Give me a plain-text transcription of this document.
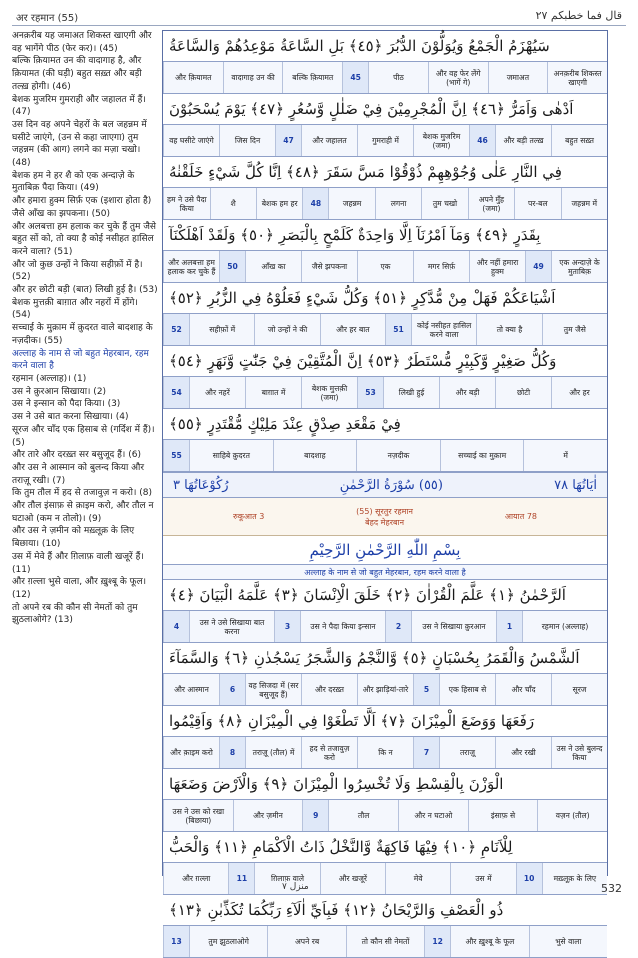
अर रहमान (55)	قال فما خطبكم ٢٧

अनक़रीब यह जमाअत शिकस्त खाएगी और वह भागेंगे पीठ (फेर कर)। (45)

बल्कि क़ियामत उन की वादागाह है, और क़ियामत (की घड़ी) बहुत सख़्त और बड़ी तल्ख़ होगी। (46)

बेशक मुजरिम गुमराही और जहालत में हैं। (47)

उस दिन वह अपने चेहरों के बल जहन्नम में घसीटे जाएंगे, (उन से कहा जाएगा) तुम जहन्नम (की आग) लगने का मज़ा चखो। (48)

बेशक हम ने हर शै को एक अन्दाज़े के मुताबिक़ पैदा किया। (49)

और हमारा हुक्म सिर्फ़ एक (इशारा होता है) जैसे आँख का झपकना। (50)

और अलबत्ता हम हलाक कर चुके हैं तुम जैसे बहुत सों को, तो क्या है कोई नसीहत हासिल करने वाला? (51)

और जो कुछ उन्हों ने किया सहीफ़ों में है। (52)

और हर छोटी बड़ी (बात) लिखी हुई है। (53)

बेशक मुत्तक़ी बाग़ात और नहरों में होंगे। (54)

सच्चाई के मुक़ाम में क़ुदरत वाले बादशाह के नज़दीक। (55)

अल्लाह के नाम से जो बहुत मेहरबान, रहम करने वाला है

रहमान (अल्लाह)। (1)

उस ने क़ुरआन सिखाया। (2)

उस ने इन्सान को पैदा किया। (3)

उस ने उसे बात करना सिखाया। (4)

सूरज और चाँद एक हिसाब से (गर्दिश में हैं)। (5)

और तारे और दरख़्त सर बसुजूद हैं। (6)

और उस ने आस्मान को बुलन्द किया और तराज़ू रखी। (7)

कि तुम तौल में हद से तजावुज़ न करो। (8)

और तौल इंसाफ़ से क़ाइम करो, और तौल न घटाओ (कम न तोलो)। (9)

और उस ने ज़मीन को मख़्लूक़ के लिए बिछाया। (10)

उस में मेवे हैं और ग़िलाफ़ वाली खजूरें हैं। (11)

और ग़ल्ला भुसे वाला, और ख़ुश्बू के फूल। (12)

तो अपने रब की कौन सी नेमतों को तुम झुठलाओगे? (13)

سَيُهْزَمُ الْجَمْعُ وَيُوَلُّوْنَ الدُّبُرَ ﴿٤٥﴾ بَلِ السَّاعَةُ مَوْعِدُهُمْ وَالسَّاعَةُ
अनक़रीब शिकस्त खाएगी
जमाअत
और वह फेर लेंगे (भागें गे)
पीठ
45
बल्कि क़ियामत
वादागाह उन की
और क़ियामत
اَدْهٰى وَاَمَرُّ ﴿٤٦﴾ اِنَّ الْمُجْرِمِيْنَ فِيْ ضَلٰلٍ وَّسُعُرٍ ﴿٤٧﴾ يَوْمَ يُسْحَبُوْنَ
बहुत सख़्त
और बड़ी तल्ख़
46
बेशक मुजरिम (जमा)
गुमराही में
और जहालत
47
जिस दिन
वह घसीटे जाएंगे
فِي النَّارِ عَلٰى وُجُوْهِهِمْ ذُوْقُوْا مَسَّ سَقَرَ ﴿٤٨﴾ اِنَّا كُلَّ شَيْءٍ خَلَقْنٰهُ
जहन्नम में
पर-बल
अपने मुँह (जमा)
तुम चखो
लगना
जहन्नम
48
बेशक हम हर
शै
हम ने उसे पैदा किया
بِقَدَرٍ ﴿٤٩﴾ وَمَآ اَمْرُنَآ اِلَّا وَاحِدَةٌ كَلَمْحٍ بِالْبَصَرِ ﴿٥٠﴾ وَلَقَدْ اَهْلَكْنَآ
एक अन्दाज़े के मुताबिक़
49
और नहीं हमारा हुक्म
मगर सिर्फ़
एक
जैसे झपकना
आँख का
50
और अलबत्ता हम हलाक कर चुके हैं
اَشْيَاعَكُمْ فَهَلْ مِنْ مُّدَّكِرٍ ﴿٥١﴾ وَكُلُّ شَيْءٍ فَعَلُوْهُ فِي الزُّبُرِ ﴿٥٢﴾
तुम जैसे
तो क्या है
कोई नसीहत हासिल करने वाला
51
और हर बात
जो उन्हों ने की
सहीफ़ों में
52
وَكُلُّ صَغِيْرٍ وَّكَبِيْرٍ مُّسْتَطَرٌ ﴿٥٣﴾ اِنَّ الْمُتَّقِيْنَ فِيْ جَنّٰتٍ وَّنَهَرٍ ﴿٥٤﴾
और हर
छोटी
और बड़ी
लिखी हुई
53
बेशक मुत्तक़ी (जमा)
बाग़ात में
और नहरें
54
فِيْ مَقْعَدِ صِدْقٍ عِنْدَ مَلِيْكٍ مُّقْتَدِرٍ ﴿٥٥﴾
में
सच्चाई का मुक़ाम
नज़दीक
बादशाह
साहिबे क़ुदरत
55
اٰيَاتُهَا ٧٨
(٥٥) سُوْرَةُ الرَّحْمٰنِ
رُكُوْعَاتُهَا ٣
रुकूआत 3
(55) सूरतुर रहमान
बेहद मेहरबान
आयात 78
بِسْمِ اللّٰهِ الرَّحْمٰنِ الرَّحِيْمِ
अल्लाह के नाम से जो बहुत मेहरबान, रहम करने वाला है
اَلرَّحْمٰنُ ﴿١﴾ عَلَّمَ الْقُرْاٰنَ ﴿٢﴾ خَلَقَ الْاِنْسَانَ ﴿٣﴾ عَلَّمَهُ الْبَيَانَ ﴿٤﴾
रहमान (अल्लाह)
1
उस ने सिखाया क़ुरआन
2
उस ने पैदा किया इन्सान
3
उस ने उसे सिखाया बात करना
4
اَلشَّمْسُ وَالْقَمَرُ بِحُسْبَانٍ ﴿٥﴾ وَّالنَّجْمُ وَالشَّجَرُ يَسْجُدٰنِ ﴿٦﴾ وَالسَّمَآءَ
सूरज
और चाँद
एक हिसाब से
5
और झाड़ियां-तारे
और दरख़्त
वह सिजदा में (सर बसुजूद हैं)
6
और आस्मान
رَفَعَهَا وَوَضَعَ الْمِيْزَانَ ﴿٧﴾ اَلَّا تَطْغَوْا فِي الْمِيْزَانِ ﴿٨﴾ وَاَقِيْمُوا
उस ने उसे बुलन्द किया
और रखी
तराज़ू
7
कि न
हद से तजावुज़ करो
तराज़ू (तौल) में
8
और क़ाइम करो
الْوَزْنَ بِالْقِسْطِ وَلَا تُخْسِرُوا الْمِيْزَانَ ﴿٩﴾ وَالْاَرْضَ وَضَعَهَا
वज़न (तौल)
इंसाफ़ से
और न घटाओ
तौल
9
और ज़मीन
उस ने उस को रखा (बिछाया)
لِلْاَنَامِ ﴿١٠﴾ فِيْهَا فَاكِهَةٌ وَّالنَّخْلُ ذَاتُ الْاَكْمَامِ ﴿١١﴾ وَالْحَبُّ
मख़्लूक़ के लिए
10
उस में
मेवे
और खजूरें
ग़िलाफ़ वाले
11
और ग़ल्ला
ذُو الْعَصْفِ وَالرَّيْحَانُ ﴿١٢﴾ فَبِاَيِّ اٰلَآءِ رَبِّكُمَا تُكَذِّبٰنِ ﴿١٣﴾
भुसे वाला
और ख़ुश्बू के फूल
12
तो कौन सी नेमतों
अपने रब
तुम झुठलाओगे
13
منزل ٧	532
